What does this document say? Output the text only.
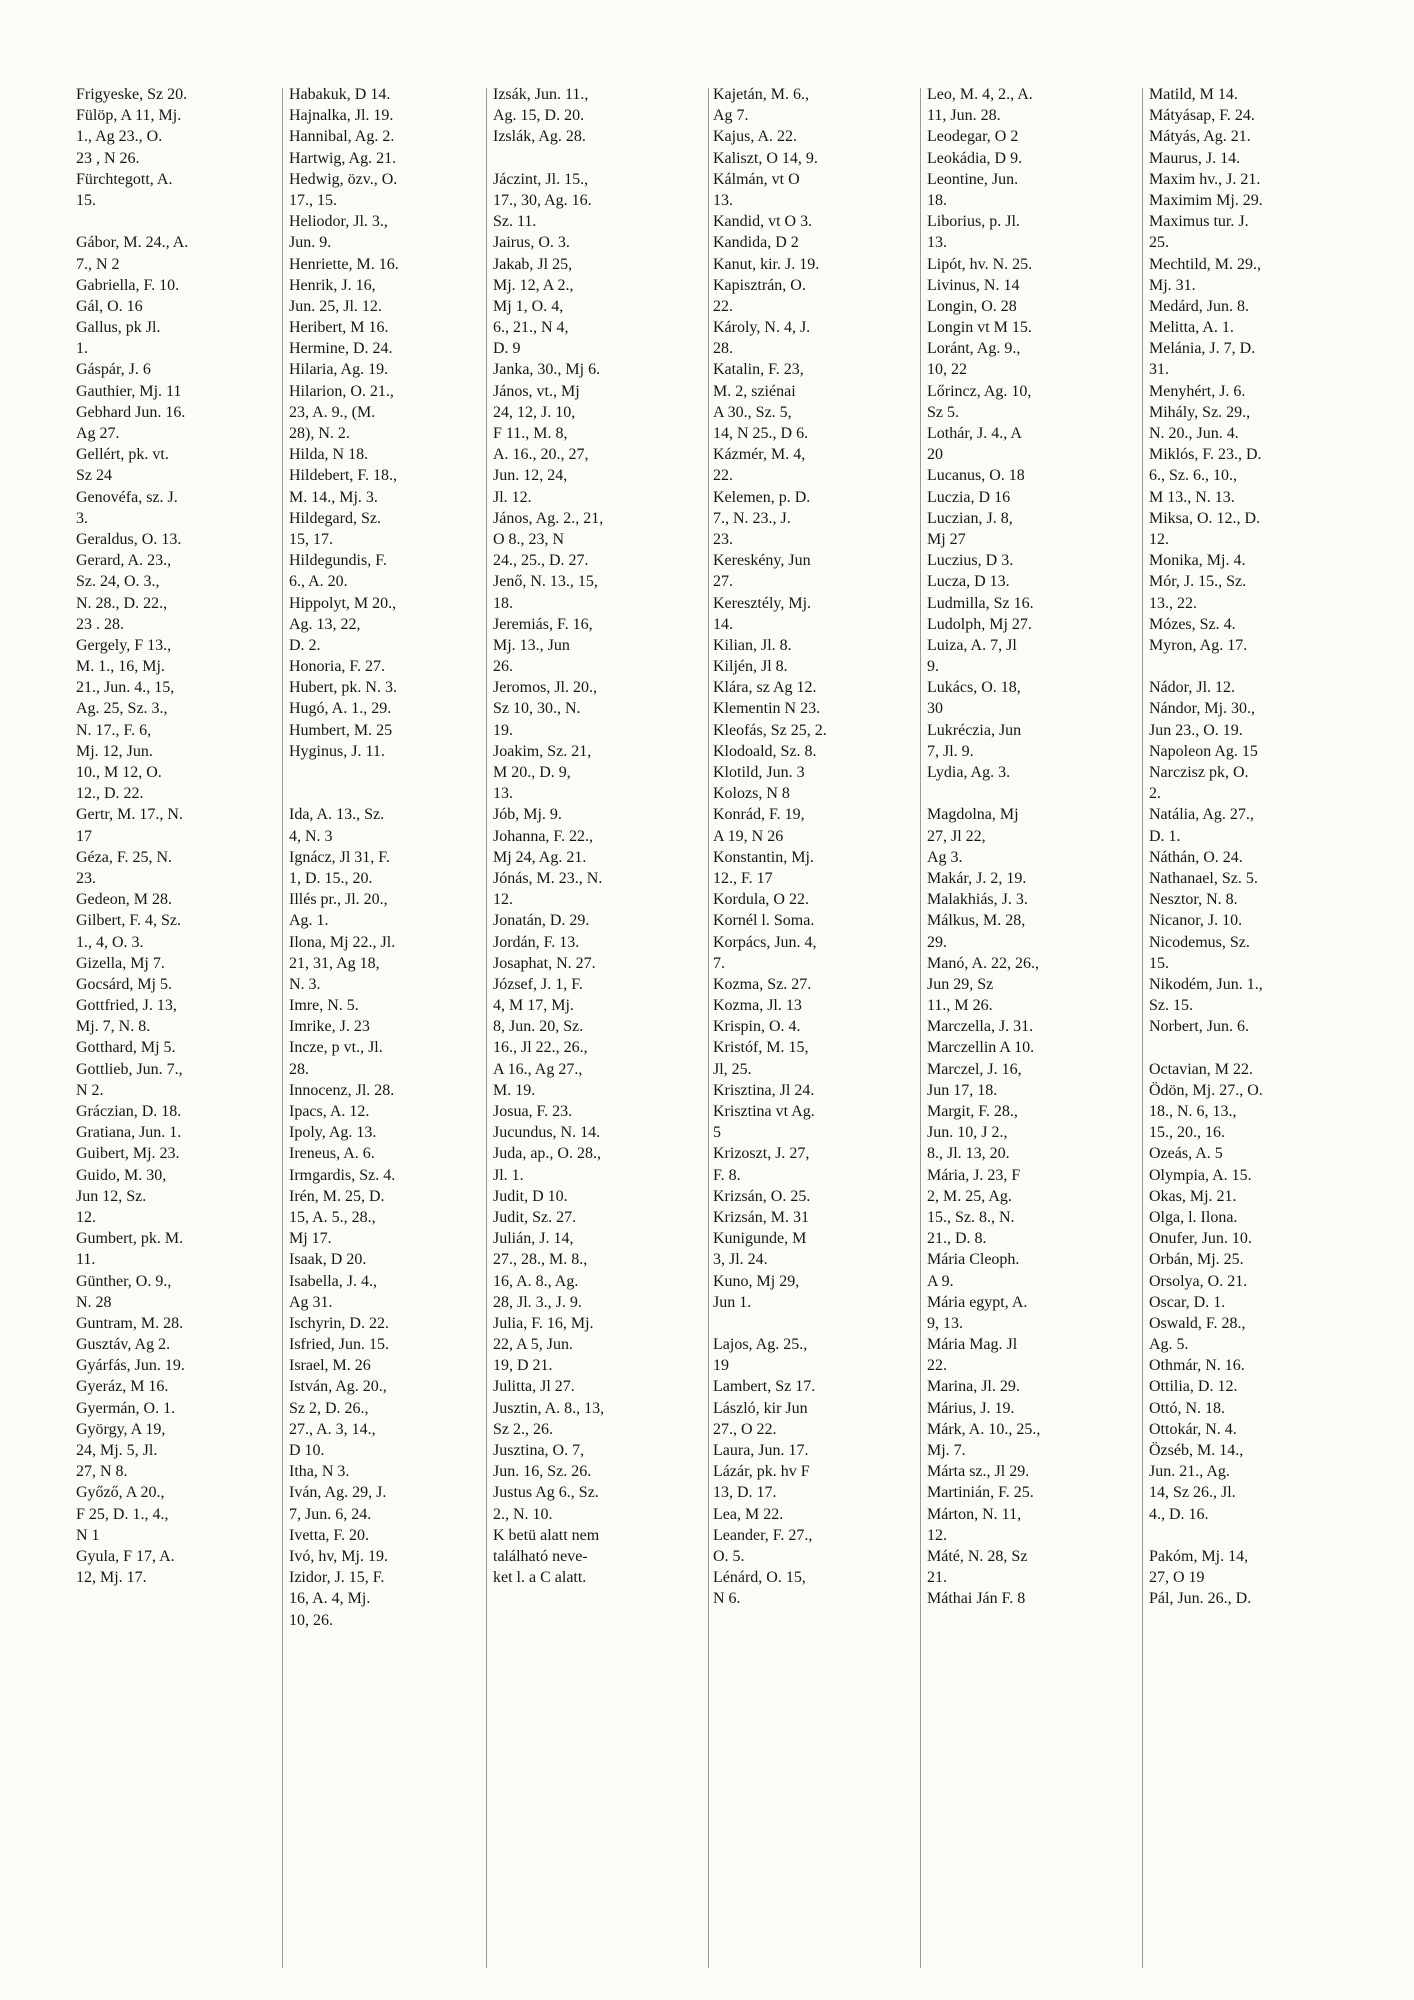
Frigyeske, Sz 20.
Fülöp, A 11, Mj.
1., Ag 23., O.
23 , N 26.
Fürchtegott, A.
15.
Gábor, M. 24., A.
7., N 2
Gabriella, F. 10.
Gál, O. 16
Gallus, pk Jl.
1.
Gáspár, J. 6
Gauthier, Mj. 11
Gebhard Jun. 16.
Ag 27.
Gellért, pk. vt.
Sz 24
Genovéfa, sz. J.
3.
Geraldus, O. 13.
Gerard, A. 23.,
Sz. 24, O. 3.,
N. 28., D. 22.,
23 . 28.
Gergely, F 13.,
M. 1., 16, Mj.
21., Jun. 4., 15,
Ag. 25, Sz. 3.,
N. 17., F. 6,
Mj. 12, Jun.
10., M 12, O.
12., D. 22.
Gertr, M. 17., N.
17
Géza, F. 25, N.
23.
Gedeon, M 28.
Gilbert, F. 4, Sz.
1., 4, O. 3.
Gizella, Mj 7.
Gocsárd, Mj 5.
Gottfried, J. 13,
Mj. 7, N. 8.
Gotthard, Mj 5.
Gottlieb, Jun. 7.,
N 2.
Gráczian, D. 18.
Gratiana, Jun. 1.
Guibert, Mj. 23.
Guido, M. 30,
Jun 12, Sz.
12.
Gumbert, pk. M.
11.
Günther, O. 9.,
N. 28
Guntram, M. 28.
Gusztáv, Ag 2.
Gyárfás, Jun. 19.
Gyeráz, M 16.
Gyermán, O. 1.
György, A 19,
24, Mj. 5, Jl.
27, N 8.
Győző, A 20.,
F 25, D. 1., 4.,
N 1
Gyula, F 17, A.
12, Mj. 17.
Habakuk, D 14.
Hajnalka, Jl. 19.
Hannibal, Ag. 2.
Hartwig, Ag. 21.
Hedwig, özv., O.
17., 15.
Heliodor, Jl. 3.,
Jun. 9.
Henriette, M. 16.
Henrik, J. 16,
Jun. 25, Jl. 12.
Heribert, M 16.
Hermine, D. 24.
Hilaria, Ag. 19.
Hilarion, O. 21.,
23, A. 9., (M.
28), N. 2.
Hilda, N 18.
Hildebert, F. 18.,
M. 14., Mj. 3.
Hildegard, Sz.
15, 17.
Hildegundis, F.
6., A. 20.
Hippolyt, M 20.,
Ag. 13, 22,
D. 2.
Honoria, F. 27.
Hubert, pk. N. 3.
Hugó, A. 1., 29.
Humbert, M. 25
Hyginus, J. 11.
Ida, A. 13., Sz.
4, N. 3
Ignácz, Jl 31, F.
1, D. 15., 20.
Illés pr., Jl. 20.,
Ag. 1.
Ilona, Mj 22., Jl.
21, 31, Ag 18,
N. 3.
Imre, N. 5.
Imrike, J. 23
Incze, p vt., Jl.
28.
Innocenz, Jl. 28.
Ipacs, A. 12.
Ipoly, Ag. 13.
Ireneus, A. 6.
Irmgardis, Sz. 4.
Irén, M. 25, D.
15, A. 5., 28.,
Mj 17.
Isaak, D 20.
Isabella, J. 4.,
Ag 31.
Ischyrin, D. 22.
Isfried, Jun. 15.
Israel, M. 26
István, Ag. 20.,
Sz 2, D. 26.,
27., A. 3, 14.,
D 10.
Itha, N 3.
Iván, Ag. 29, J.
7, Jun. 6, 24.
Ivetta, F. 20.
Ivó, hv, Mj. 19.
Izidor, J. 15, F.
16, A. 4, Mj.
10, 26.
Izsák, Jun. 11.,
Ag. 15, D. 20.
Izslák, Ag. 28.
Jáczint, Jl. 15.,
17., 30, Ag. 16.
Sz. 11.
Jairus, O. 3.
Jakab, Jl 25,
Mj. 12, A 2.,
Mj 1, O. 4,
6., 21., N 4,
D. 9
Janka, 30., Mj 6.
János, vt., Mj
24, 12, J. 10,
F 11., M. 8,
A. 16., 20., 27,
Jun. 12, 24,
Jl. 12.
János, Ag. 2., 21,
O 8., 23, N
24., 25., D. 27.
Jenő, N. 13., 15,
18.
Jeremiás, F. 16,
Mj. 13., Jun
26.
Jeromos, Jl. 20.,
Sz 10, 30., N.
19.
Joakim, Sz. 21,
M 20., D. 9,
13.
Jób, Mj. 9.
Johanna, F. 22.,
Mj 24, Ag. 21.
Jónás, M. 23., N.
12.
Jonatán, D. 29.
Jordán, F. 13.
Josaphat, N. 27.
József, J. 1, F.
4, M 17, Mj.
8, Jun. 20, Sz.
16., Jl 22., 26.,
A 16., Ag 27.,
M. 19.
Josua, F. 23.
Jucundus, N. 14.
Juda, ap., O. 28.,
Jl. 1.
Judit, D 10.
Judit, Sz. 27.
Julián, J. 14,
27., 28., M. 8.,
16, A. 8., Ag.
28, Jl. 3., J. 9.
Julia, F. 16, Mj.
22, A 5, Jun.
19, D 21.
Julitta, Jl 27.
Jusztin, A. 8., 13,
Sz 2., 26.
Jusztina, O. 7,
Jun. 16, Sz. 26.
Justus Ag 6., Sz.
2., N. 10.
K betü alatt nem
található neve-
ket l. a C alatt.
Kajetán, M. 6.,
Ag 7.
Kajus, A. 22.
Kaliszt, O 14, 9.
Kálmán, vt O
13.
Kandid, vt O 3.
Kandida, D 2
Kanut, kir. J. 19.
Kapisztrán, O.
22.
Károly, N. 4, J.
28.
Katalin, F. 23,
M. 2, sziénai
A 30., Sz. 5,
14, N 25., D 6.
Kázmér, M. 4,
22.
Kelemen, p. D.
7., N. 23., J.
23.
Kereskény, Jun
27.
Keresztély, Mj.
14.
Kilian, Jl. 8.
Kiljén, Jl 8.
Klára, sz Ag 12.
Klementin N 23.
Kleofás, Sz 25, 2.
Klodoald, Sz. 8.
Klotild, Jun. 3
Kolozs, N 8
Konrád, F. 19,
A 19, N 26
Konstantin, Mj.
12., F. 17
Kordula, O 22.
Kornél l. Soma.
Korpács, Jun. 4,
7.
Kozma, Sz. 27.
Kozma, Jl. 13
Krispin, O. 4.
Kristóf, M. 15,
Jl, 25.
Krisztina, Jl 24.
Krisztina vt Ag.
5
Krizoszt, J. 27,
F. 8.
Krizsán, O. 25.
Krizsán, M. 31
Kunigunde, M
3, Jl. 24.
Kuno, Mj 29,
Jun 1.
Lajos, Ag. 25.,
19
Lambert, Sz 17.
László, kir Jun
27., O 22.
Laura, Jun. 17.
Lázár, pk. hv F
13, D. 17.
Lea, M 22.
Leander, F. 27.,
O. 5.
Lénárd, O. 15,
N 6.
Leo, M. 4, 2., A.
11, Jun. 28.
Leodegar, O 2
Leokádia, D 9.
Leontine, Jun.
18.
Liborius, p. Jl.
13.
Lipót, hv. N. 25.
Livinus, N. 14
Longin, O. 28
Longin vt M 15.
Loránt, Ag. 9.,
10, 22
Lőrincz, Ag. 10,
Sz 5.
Lothár, J. 4., A
20
Lucanus, O. 18
Luczia, D 16
Luczian, J. 8,
Mj 27
Luczius, D 3.
Lucza, D 13.
Ludmilla, Sz 16.
Ludolph, Mj 27.
Luiza, A. 7, Jl
9.
Lukács, O. 18,
30
Lukréczia, Jun
7, Jl. 9.
Lydia, Ag. 3.
Magdolna, Mj
27, Jl 22,
Ag 3.
Makár, J. 2, 19.
Malakhiás, J. 3.
Málkus, M. 28,
29.
Manó, A. 22, 26.,
Jun 29, Sz
11., M 26.
Marczella, J. 31.
Marczellin A 10.
Marczel, J. 16,
Jun 17, 18.
Margit, F. 28.,
Jun. 10, J 2.,
8., Jl. 13, 20.
Mária, J. 23, F
2, M. 25, Ag.
15., Sz. 8., N.
21., D. 8.
Mária Cleoph.
A 9.
Mária egypt, A.
9, 13.
Mária Mag. Jl
22.
Marina, Jl. 29.
Márius, J. 19.
Márk, A. 10., 25.,
Mj. 7.
Márta sz., Jl 29.
Martinián, F. 25.
Márton, N. 11,
12.
Máté, N. 28, Sz
21.
Máthai Ján F. 8
Matild, M 14.
Mátyásap, F. 24.
Mátyás, Ag. 21.
Maurus, J. 14.
Maxim hv., J. 21.
Maximim Mj. 29.
Maximus tur. J.
25.
Mechtild, M. 29.,
Mj. 31.
Medárd, Jun. 8.
Melitta, A. 1.
Melánia, J. 7, D.
31.
Menyhért, J. 6.
Mihály, Sz. 29.,
N. 20., Jun. 4.
Miklós, F. 23., D.
6., Sz. 6., 10.,
M 13., N. 13.
Miksa, O. 12., D.
12.
Monika, Mj. 4.
Mór, J. 15., Sz.
13., 22.
Mózes, Sz. 4.
Myron, Ag. 17.
Nádor, Jl. 12.
Nándor, Mj. 30.,
Jun 23., O. 19.
Napoleon Ag. 15
Narczisz pk, O.
2.
Natália, Ag. 27.,
D. 1.
Náthán, O. 24.
Nathanael, Sz. 5.
Nesztor, N. 8.
Nicanor, J. 10.
Nicodemus, Sz.
15.
Nikodém, Jun. 1.,
Sz. 15.
Norbert, Jun. 6.
Octavian, M 22.
Ödön, Mj. 27., O.
18., N. 6, 13.,
15., 20., 16.
Ozeás, A. 5
Olympia, A. 15.
Okas, Mj. 21.
Olga, l. Ilona.
Onufer, Jun. 10.
Orbán, Mj. 25.
Orsolya, O. 21.
Oscar, D. 1.
Oswald, F. 28.,
Ag. 5.
Othmár, N. 16.
Ottilia, D. 12.
Ottó, N. 18.
Ottokár, N. 4.
Özséb, M. 14.,
Jun. 21., Ag.
14, Sz 26., Jl.
4., D. 16.
Pakóm, Mj. 14,
27, O 19
Pál, Jun. 26., D.
